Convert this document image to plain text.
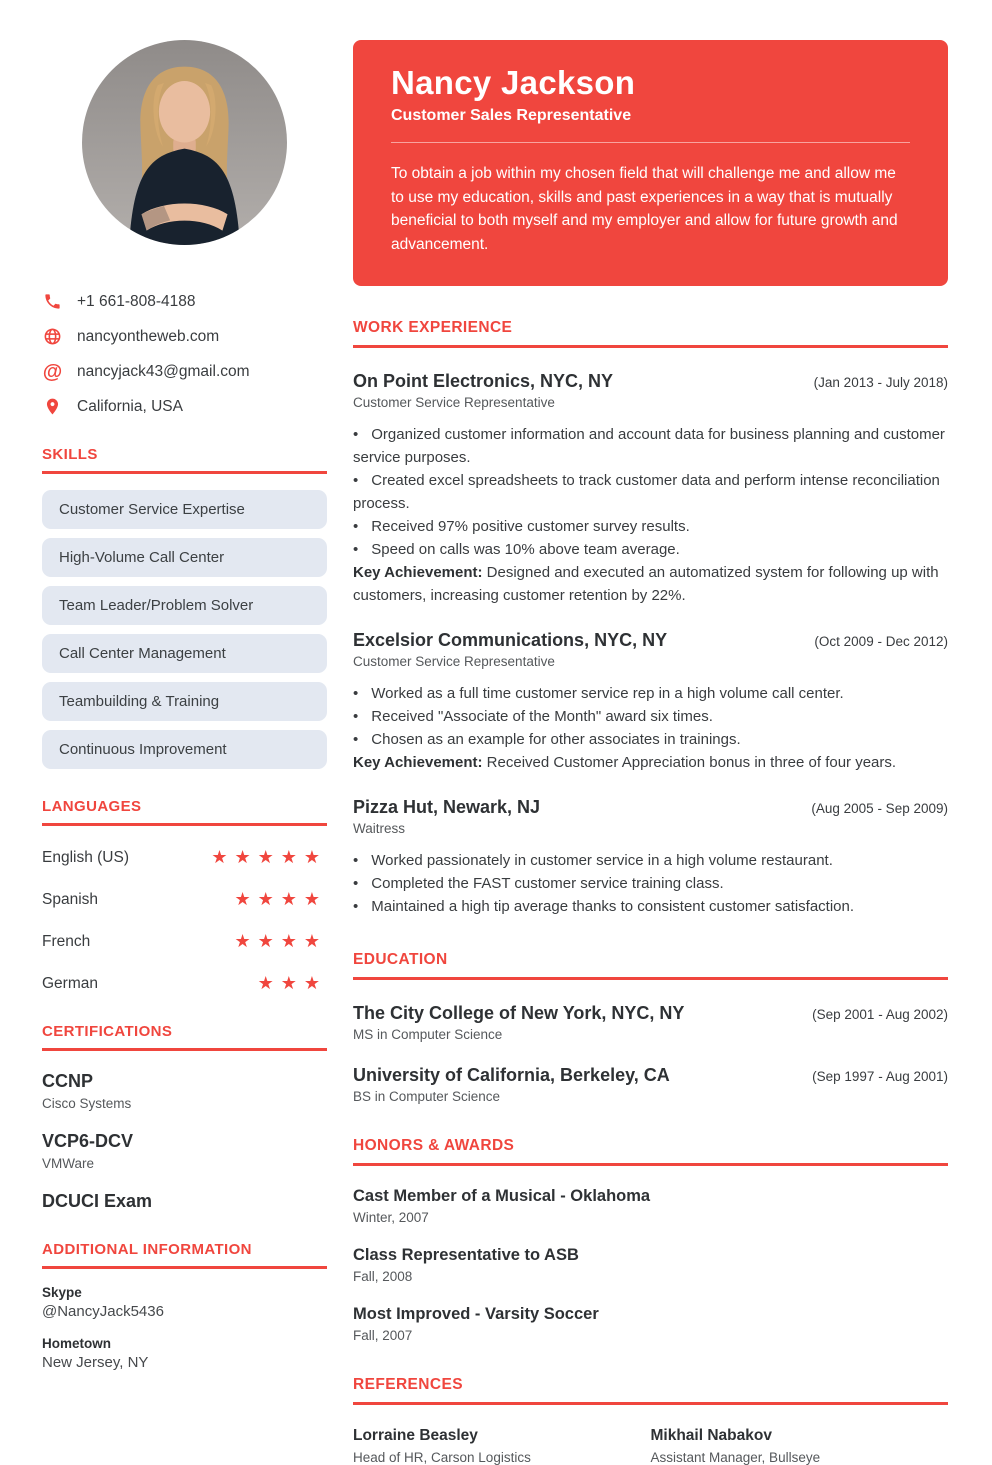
+1 661-808-4188
nancyontheweb.com
@ nancyjack43@gmail.com
California, USA
SKILLS
Customer Service Expertise
High-Volume Call Center
Team Leader/Problem Solver
Call Center Management
Teambuilding & Training
Continuous Improvement
LANGUAGES
English (US)	★★★★★
Spanish	★★★★
French	★★★★
German	★★★
CERTIFICATIONS
CCNP
Cisco Systems
VCP6-DCV
VMWare
DCUCI Exam
ADDITIONAL INFORMATION
Skype
@NancyJack5436
Hometown
New Jersey, NY
Nancy Jackson
Customer Sales Representative

To obtain a job within my chosen field that will challenge me and allow me to use my education, skills and past experiences in a way that is mutually beneficial to both myself and my employer and allow for future growth and advancement.

WORK EXPERIENCE
On Point Electronics, NYC, NY	(Jan 2013 - July 2018)
Customer Service Representative
• Organized customer information and account data for business planning and customer service purposes.
• Created excel spreadsheets to track customer data and perform intense reconciliation process.
• Received 97% positive customer survey results.
• Speed on calls was 10% above team average.

Key Achievement: Designed and executed an automatized system for following up with customers, increasing customer retention by 22%.

Excelsior Communications, NYC, NY	(Oct 2009 - Dec 2012)
Customer Service Representative
• Worked as a full time customer service rep in a high volume call center.
• Received "Associate of the Month" award six times.
• Chosen as an example for other associates in trainings.

Key Achievement: Received Customer Appreciation bonus in three of four years.

Pizza Hut, Newark, NJ	(Aug 2005 - Sep 2009)
Waitress
• Worked passionately in customer service in a high volume restaurant.
• Completed the FAST customer service training class.
• Maintained a high tip average thanks to consistent customer satisfaction.
EDUCATION
The City College of New York, NYC, NY	(Sep 2001 - Aug 2002)
MS in Computer Science
University of California, Berkeley, CA	(Sep 1997 - Aug 2001)
BS in Computer Science
HONORS & AWARDS
Cast Member of a Musical - Oklahoma
Winter, 2007
Class Representative to ASB
Fall, 2008
Most Improved - Varsity Soccer
Fall, 2007
REFERENCES
Lorraine Beasley
Head of HR, Carson Logistics
Mikhail Nabakov
Assistant Manager, Bullseye
